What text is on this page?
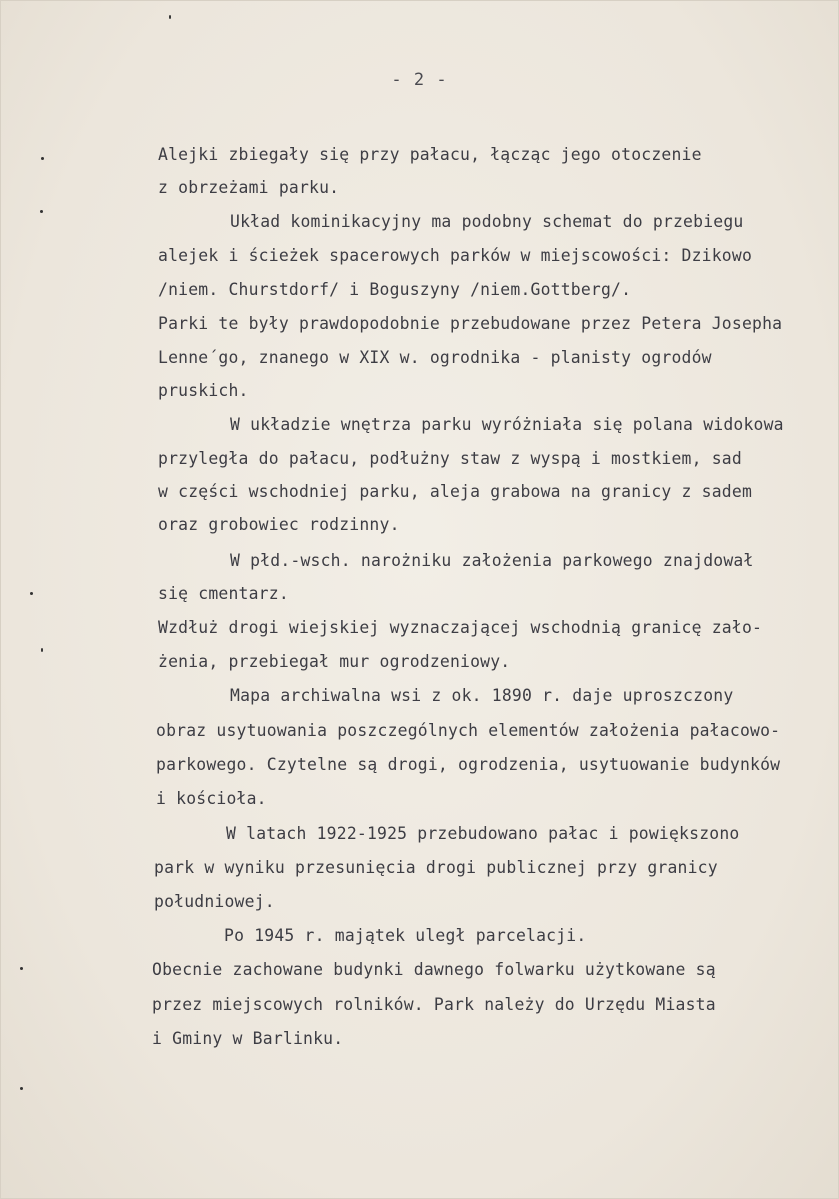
- 2 -
Alejki zbiegały się przy pałacu, łącząc jego otoczenie
z obrzeżami parku.
Układ kominikacyjny ma podobny schemat do przebiegu
alejek i ścieżek spacerowych parków w miejscowości: Dzikowo
/niem. Churstdorf/ i Boguszyny /niem.Gottberg/.
Parki te były prawdopodobnie przebudowane przez Petera Josepha
Lenne´go, znanego w XIX w. ogrodnika - planisty ogrodów
pruskich.
W układzie wnętrza parku wyróżniała się polana widokowa
przyległa do pałacu, podłużny staw z wyspą i mostkiem, sad
w części wschodniej parku, aleja grabowa na granicy z sadem
oraz grobowiec rodzinny.
W płd.-wsch. narożniku założenia parkowego znajdował
się cmentarz.
Wzdłuż drogi wiejskiej wyznaczającej wschodnią granicę zało-
żenia, przebiegał mur ogrodzeniowy.
Mapa archiwalna wsi z ok. 1890 r. daje uproszczony
obraz usytuowania poszczególnych elementów założenia pałacowo-
parkowego. Czytelne są drogi, ogrodzenia, usytuowanie budynków
i kościoła.
W latach 1922-1925 przebudowano pałac i powiększono
park w wyniku przesunięcia drogi publicznej przy granicy
południowej.
Po 1945 r. majątek uległ parcelacji.
Obecnie zachowane budynki dawnego folwarku użytkowane są
przez miejscowych rolników. Park należy do Urzędu Miasta
i Gminy w Barlinku.
